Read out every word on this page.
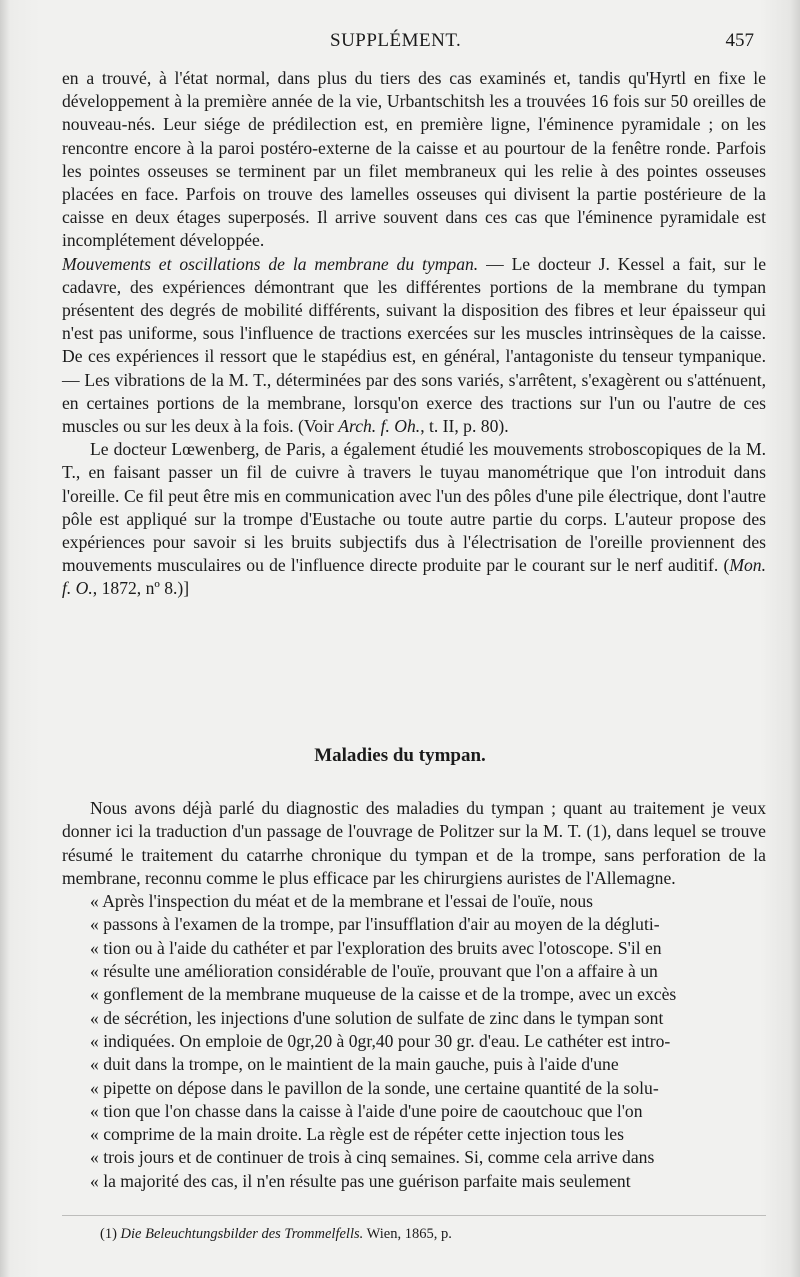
SUPPLÉMENT.	457

en a trouvé, à l'état normal, dans plus du tiers des cas examinés et, tandis qu'Hyrtl en fixe le développement à la première année de la vie, Urbantschitsh les a trouvées 16 fois sur 50 oreilles de nouveau-nés. Leur siége de prédilection est, en première ligne, l'éminence pyramidale ; on les rencontre encore à la paroi postéro-externe de la caisse et au pourtour de la fenêtre ronde. Parfois les pointes osseuses se terminent par un filet membraneux qui les relie à des pointes osseuses placées en face. Parfois on trouve des lamelles osseuses qui divisent la partie postérieure de la caisse en deux étages superposés. Il arrive souvent dans ces cas que l'éminence pyramidale est incomplétement développée.

Mouvements et oscillations de la membrane du tympan. — Le docteur J. Kessel a fait, sur le cadavre, des expériences démontrant que les différentes portions de la membrane du tympan présentent des degrés de mobilité différents, suivant la disposition des fibres et leur épaisseur qui n'est pas uniforme, sous l'influence de tractions exercées sur les muscles intrinsèques de la caisse. De ces expériences il ressort que le stapédius est, en général, l'antagoniste du tenseur tympanique. — Les vibrations de la M. T., déterminées par des sons variés, s'arrêtent, s'exagèrent ou s'atténuent, en certaines portions de la membrane, lorsqu'on exerce des tractions sur l'un ou l'autre de ces muscles ou sur les deux à la fois. (Voir Arch. f. Oh., t. II, p. 80).

Le docteur Lœwenberg, de Paris, a également étudié les mouvements stroboscopiques de la M. T., en faisant passer un fil de cuivre à travers le tuyau manométrique que l'on introduit dans l'oreille. Ce fil peut être mis en communication avec l'un des pôles d'une pile électrique, dont l'autre pôle est appliqué sur la trompe d'Eustache ou toute autre partie du corps. L'auteur propose des expériences pour savoir si les bruits subjectifs dus à l'électrisation de l'oreille proviennent des mouvements musculaires ou de l'influence directe produite par le courant sur le nerf auditif. (Mon. f. O., 1872, nº 8.)]

Maladies du tympan.

Nous avons déjà parlé du diagnostic des maladies du tympan ; quant au traitement je veux donner ici la traduction d'un passage de l'ouvrage de Politzer sur la M. T. (1), dans lequel se trouve résumé le traitement du catarrhe chronique du tympan et de la trompe, sans perforation de la membrane, reconnu comme le plus efficace par les chirurgiens auristes de l'Allemagne.

« Après l'inspection du méat et de la membrane et l'essai de l'ouïe, nous
« passons à l'examen de la trompe, par l'insufflation d'air au moyen de la dégluti-
« tion ou à l'aide du cathéter et par l'exploration des bruits avec l'otoscope. S'il en
« résulte une amélioration considérable de l'ouïe, prouvant que l'on a affaire à un
« gonflement de la membrane muqueuse de la caisse et de la trompe, avec un excès
« de sécrétion, les injections d'une solution de sulfate de zinc dans le tympan sont
« indiquées. On emploie de 0gr,20 à 0gr,40 pour 30 gr. d'eau. Le cathéter est intro-
« duit dans la trompe, on le maintient de la main gauche, puis à l'aide d'une
« pipette on dépose dans le pavillon de la sonde, une certaine quantité de la solu-
« tion que l'on chasse dans la caisse à l'aide d'une poire de caoutchouc que l'on
« comprime de la main droite. La règle est de répéter cette injection tous les
« trois jours et de continuer de trois à cinq semaines. Si, comme cela arrive dans
« la majorité des cas, il n'en résulte pas une guérison parfaite mais seulement

(1) Die Beleuchtungsbilder des Trommelfells. Wien, 1865, p.
